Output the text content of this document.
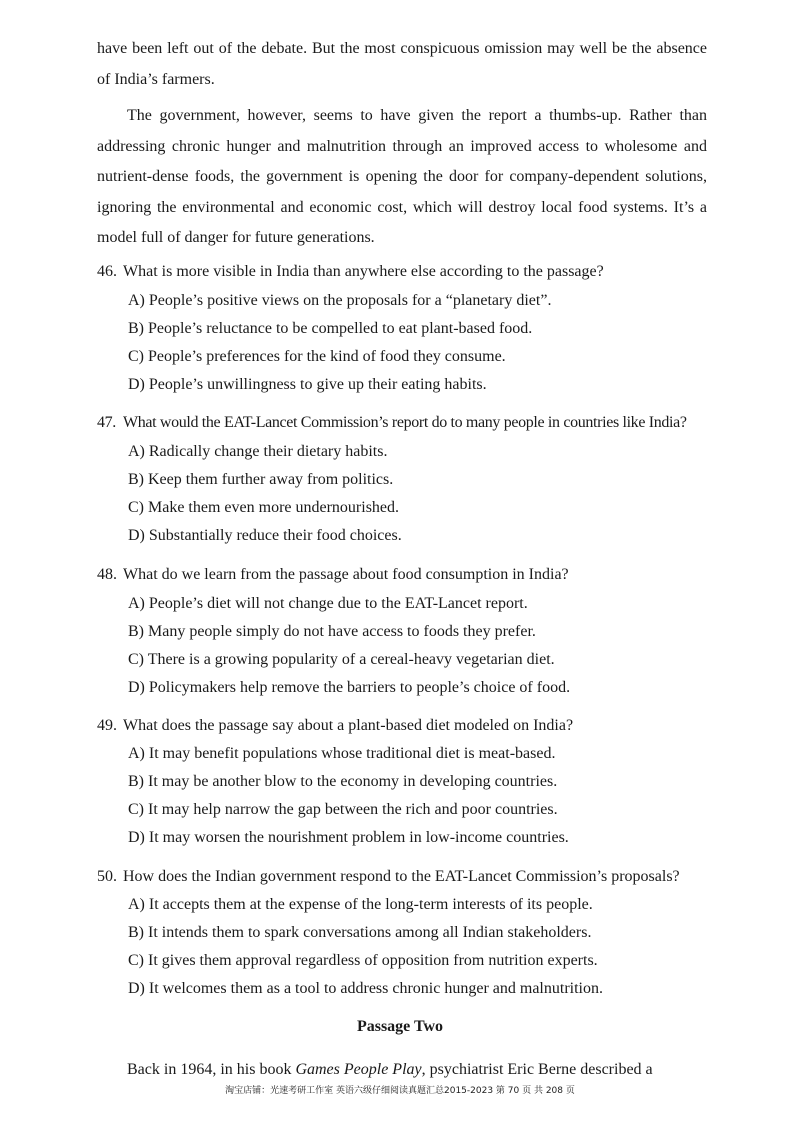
have been left out of the debate. But the most conspicuous omission may well be the absence of India’s farmers.

The government, however, seems to have given the report a thumbs-up. Rather than addressing chronic hunger and malnutrition through an improved access to wholesome and nutrient-dense foods, the government is opening the door for company-dependent solutions, ignoring the environmental and economic cost, which will destroy local food systems. It’s a model full of danger for future generations.

46. What is more visible in India than anywhere else according to the passage?

A) People’s positive views on the proposals for a “planetary diet”.
B) People’s reluctance to be compelled to eat plant-based food.
C) People’s preferences for the kind of food they consume.
D) People’s unwillingness to give up their eating habits.

47. What would the EAT-Lancet Commission’s report do to many people in countries like India?

A) Radically change their dietary habits.
B) Keep them further away from politics.
C) Make them even more undernourished.
D) Substantially reduce their food choices.

48. What do we learn from the passage about food consumption in India?

A) People’s diet will not change due to the EAT-Lancet report.
B) Many people simply do not have access to foods they prefer.
C) There is a growing popularity of a cereal-heavy vegetarian diet.
D) Policymakers help remove the barriers to people’s choice of food.

49. What does the passage say about a plant-based diet modeled on India?

A) It may benefit populations whose traditional diet is meat-based.
B) It may be another blow to the economy in developing countries.
C) It may help narrow the gap between the rich and poor countries.
D) It may worsen the nourishment problem in low-income countries.

50. How does the Indian government respond to the EAT-Lancet Commission’s proposals?

A) It accepts them at the expense of the long-term interests of its people.
B) It intends them to spark conversations among all Indian stakeholders.
C) It gives them approval regardless of opposition from nutrition experts.
D) It welcomes them as a tool to address chronic hunger and malnutrition.

Passage Two

Back in 1964, in his book Games People Play, psychiatrist Eric Berne described a

淘宝店铺：光速考研工作室 英语六级仔细阅读真题汇总2015-2023 第 70 页 共 208 页
